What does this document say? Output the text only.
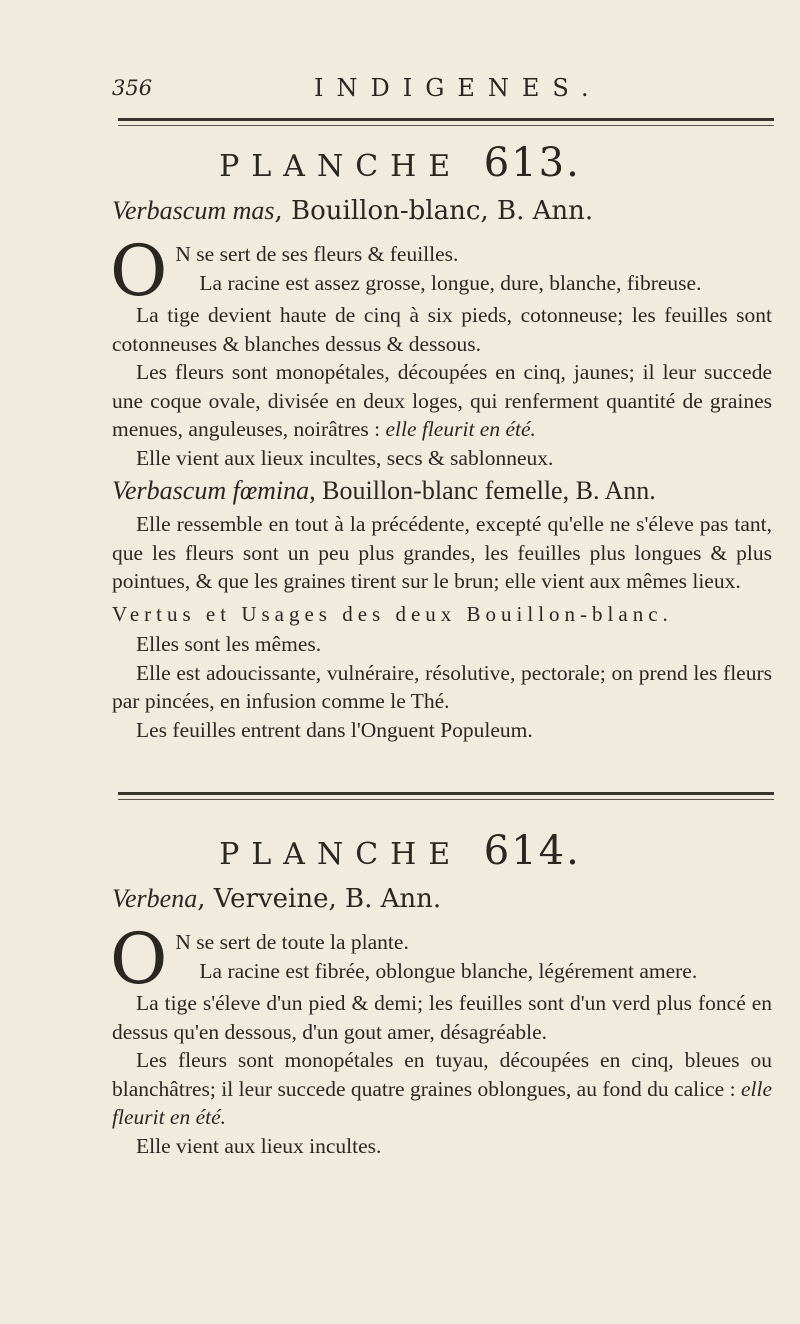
356	INDIGENES.
PLANCHE 613.
Verbascum mas, Bouillon-blanc, B. Ann.

O N se sert de ses fleurs & feuilles.

La racine est assez grosse, longue, dure, blanche, fibreuse.

La tige devient haute de cinq à six pieds, cotonneuse; les feuilles sont cotonneuses & blanches dessus & dessous.

Les fleurs sont monopétales, découpées en cinq, jaunes; il leur succede une coque ovale, divisée en deux loges, qui renferment quantité de graines menues, anguleuses, noirâtres : elle fleurit en été.

Elle vient aux lieux incultes, secs & sablonneux.

Verbascum fœmina, Bouillon-blanc femelle, B. Ann.

Elle ressemble en tout à la précédente, excepté qu'elle ne s'éleve pas tant, que les fleurs sont un peu plus grandes, les feuilles plus longues & plus pointues, & que les graines tirent sur le brun; elle vient aux mêmes lieux.

Vertus et Usages des deux Bouillon-blanc.

Elles sont les mêmes.

Elle est adoucissante, vulnéraire, résolutive, pectorale; on prend les fleurs par pincées, en infusion comme le Thé.

Les feuilles entrent dans l'Onguent Populeum.

PLANCHE 614.
Verbena, Verveine, B. Ann.

O N se sert de toute la plante.

La racine est fibrée, oblongue blanche, légérement amere.

La tige s'éleve d'un pied & demi; les feuilles sont d'un verd plus foncé en dessus qu'en dessous, d'un gout amer, désagréable.

Les fleurs sont monopétales en tuyau, découpées en cinq, bleues ou blanchâtres; il leur succede quatre graines oblongues, au fond du calice : elle fleurit en été.

Elle vient aux lieux incultes.
